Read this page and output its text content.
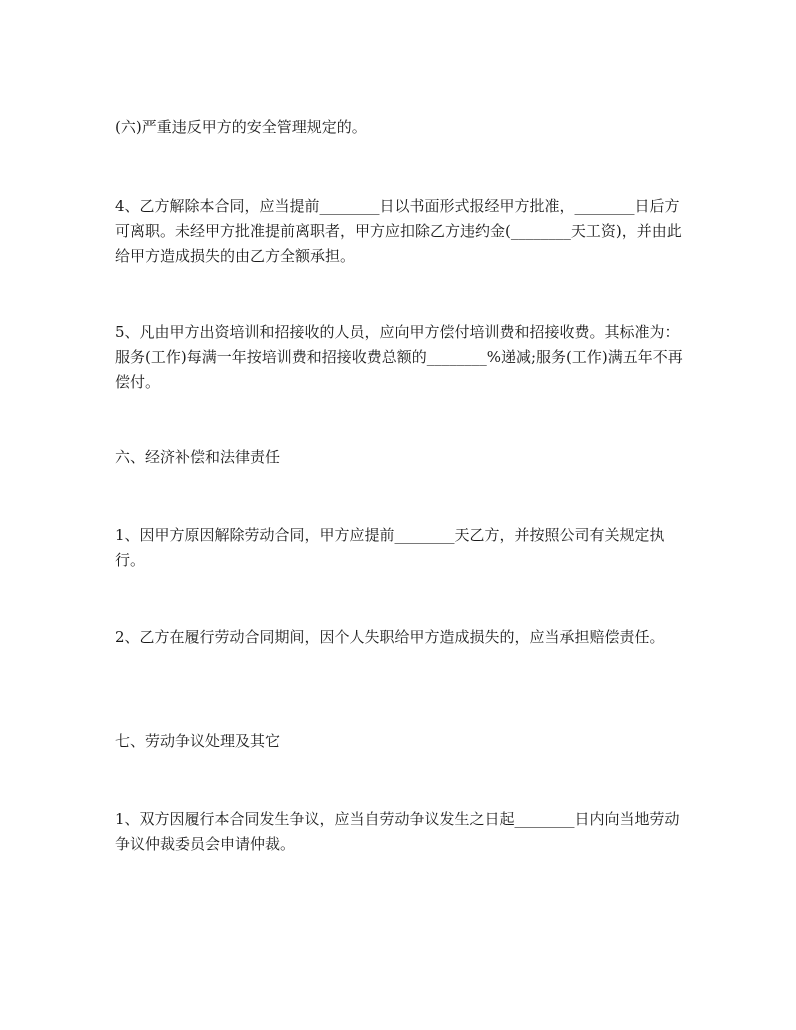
(六)严重违反甲方的安全管理规定的。

4、乙方解除本合同，应当提前________日以书面形式报经甲方批准，________日后方可离职。未经甲方批准提前离职者，甲方应扣除乙方违约金(________天工资)，并由此给甲方造成损失的由乙方全额承担。

5、凡由甲方出资培训和招接收的人员，应向甲方偿付培训费和招接收费。其标准为：服务(工作)每满一年按培训费和招接收费总额的________%递减;服务(工作)满五年不再偿付。

六、经济补偿和法律责任

1、因甲方原因解除劳动合同，甲方应提前________天乙方，并按照公司有关规定执行。

2、乙方在履行劳动合同期间，因个人失职给甲方造成损失的，应当承担赔偿责任。

七、劳动争议处理及其它

1、双方因履行本合同发生争议，应当自劳动争议发生之日起________日内向当地劳动争议仲裁委员会申请仲裁。
